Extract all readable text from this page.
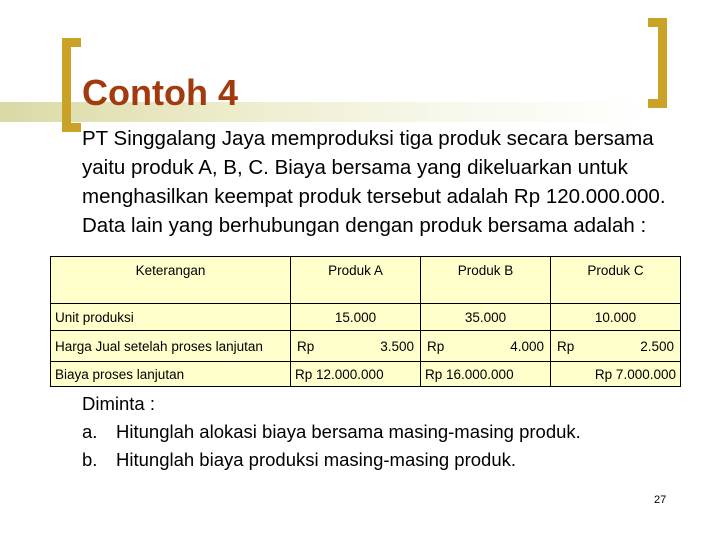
Contoh 4

PT Singgalang Jaya memproduksi tiga produk secara bersama yaitu produk A, B, C. Biaya bersama yang dikeluarkan untuk menghasilkan keempat produk tersebut adalah Rp 120.000.000. Data lain yang berhubungan dengan produk bersama adalah :

Keterangan	Produk A	Produk B	Produk C
Unit produksi	15.000	35.000	10.000
Harga Jual setelah proses lanjutan	Rp 3.500	Rp 4.000	Rp 2.500

Biaya proses lanjutan	Rp 12.000.000	Rp 16.000.000	Rp 7.000.000
Diminta :
a.	Hitunglah alokasi biaya bersama masing-masing produk.
b.	Hitunglah biaya produksi masing-masing produk.
27
